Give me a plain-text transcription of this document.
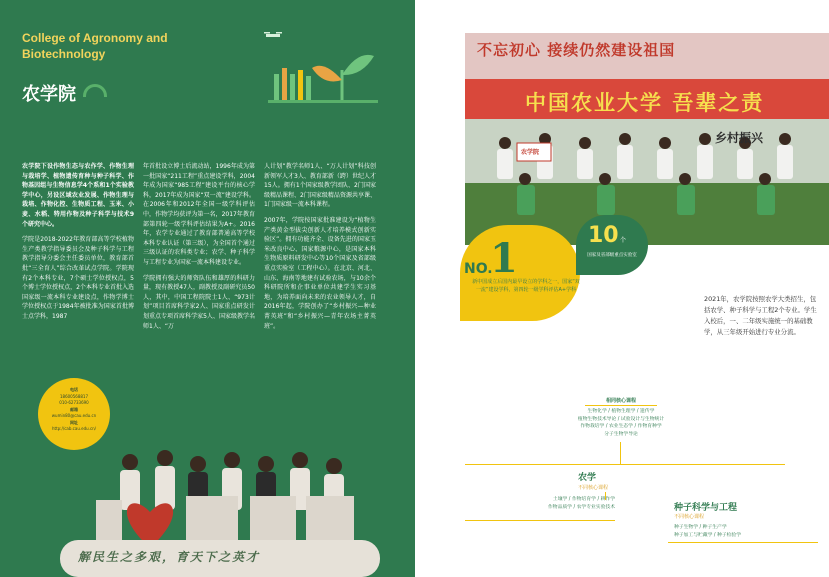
College of Agronomy and Biotechnology
农学院

农学院下设作物生态与农作学、作物生理与栽培学、植物遗传育种与种子科学、作物基因组与生物信息学4个系和1个实验教学中心，另设区域农业发展、作物生理与栽培、作物化控、生物质工程、玉米、小麦、水稻、特用作物及种子科学与技术9个研究中心。

学院是2018-2022年教育部高等学校植物生产类教学指导委员会及种子科学与工程教学指导分委会主任委员单位，教育部首批“三全育人”综合改革试点学院。学院现有2个本科专业，7个硕士学位授权点，5个博士学位授权点，2个本科专业首批入选国家级一流本科专业建设点，作物学博士学位授权点于1984年被批准为国家首批博士点学科，1987

年首批设立博士后流动站，1996年成为第一批国家“211工程”重点建设学科，2004年成为国家“985工程”建设平台的核心学科，2017年成为国家“双一流”建设学科。在2006年和2012年全国一级学科评估中，作物学均获评为第一名，2017年教育部第四轮一级学科评估结果为A+。2016年，农学专业通过了教育部普通高等学校本科专业认证（第三级），为全国首个通过三级认证的农科类专业；农学、种子科学与工程专业为国家一流本科建设专业。

学院拥有强大的师资队伍和雄厚的科研力量，现有教授47人，副教授及副研究员50人，其中，中国工程院院士1人、“973计划”项目首席科学家2人、国家重点研发计划重点专项首席科学家5人、国家级教学名师1人、“万

人计划”教学名师1人、“万人计划”科技创新领军人才3人、教育部新（跨）世纪人才15人。拥有1个国家级教学团队、2门国家级精品课程、2门国家级精品资源共享课、1门国家级一流本科课程。

2007年，学院按国家批准建设为“植物生产类黄金型拔尖创新人才培养模式创新实验区”。拥有功能齐全、设备先进的国家玉米改良中心、国家粮源中心，是国家本科生物质原料研发中心等10个国家及省部级重点实验室（工程中心）。在北京、河北、山东、海南等地建有试验农场，与10余个科研院所和企事业单位共建学生实习基地，为培养面向未来的农业领导人才，自2016年起，学院创办了“乡村振兴—种业菁英班”和“乡村振兴—青年农场主菁英班”。

解民生之多艰，育天下之英才
电话
18600568817
010-62733690
邮箱
wumin80@cau.edu.cn
网址
http://cab.cau.edu.cn/
不忘初心 接续仍然建设祖国
中国农业大学 吾辈之责
农学院
乡村振兴
2021年，农学院按照农学大类招生，包括农学、种子科学与工程2个专业。学生入校后，一、二年级实施统一的基础教学，从三年级开始进行专业分流。
NO.
1
新中国成立后国内最早设立的学科之一，国家“双一流”建设学科，第四轮一级学科评估A+学科
10 个
国家及省部级重点实验室
相同核心课程
生物化学 / 植物生理学 / 遗传学
植物生物技术导论 / 试验设计与生物统计
作物栽培学 / 农业生态学 / 作物育种学
分子生物学导论
农学
不同核心课程
土壤学 / 作物培育学 / 耕作学
作物品质学 / 农学专业实验技术	种子科学与工程
不同核心课程
种子生物学 / 种子生产学
种子加工与贮藏学 / 种子检验学
